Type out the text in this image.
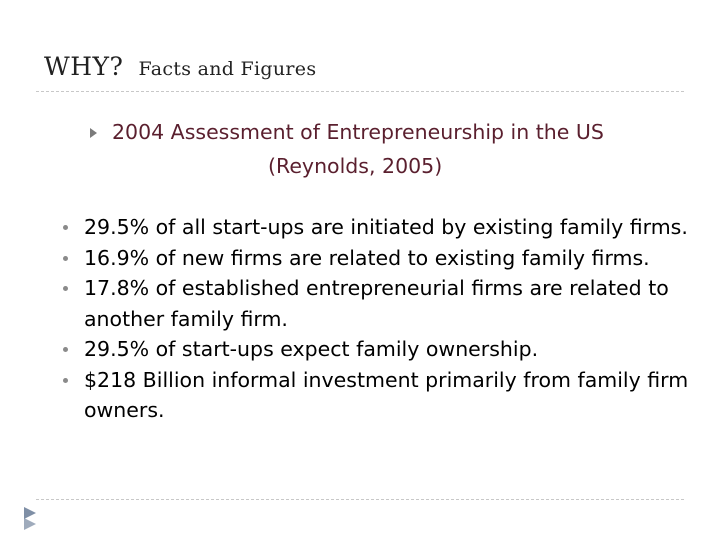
WHY? Facts and Figures
2004 Assessment of Entrepreneurship in the US
(Reynolds, 2005)
29.5% of all start-ups are initiated by existing family firms.
16.9% of new firms are related to existing family firms.
17.8% of established entrepreneurial firms are related to
another family firm.
29.5% of start-ups expect family ownership.
$218 Billion informal investment primarily from family firm
owners.
